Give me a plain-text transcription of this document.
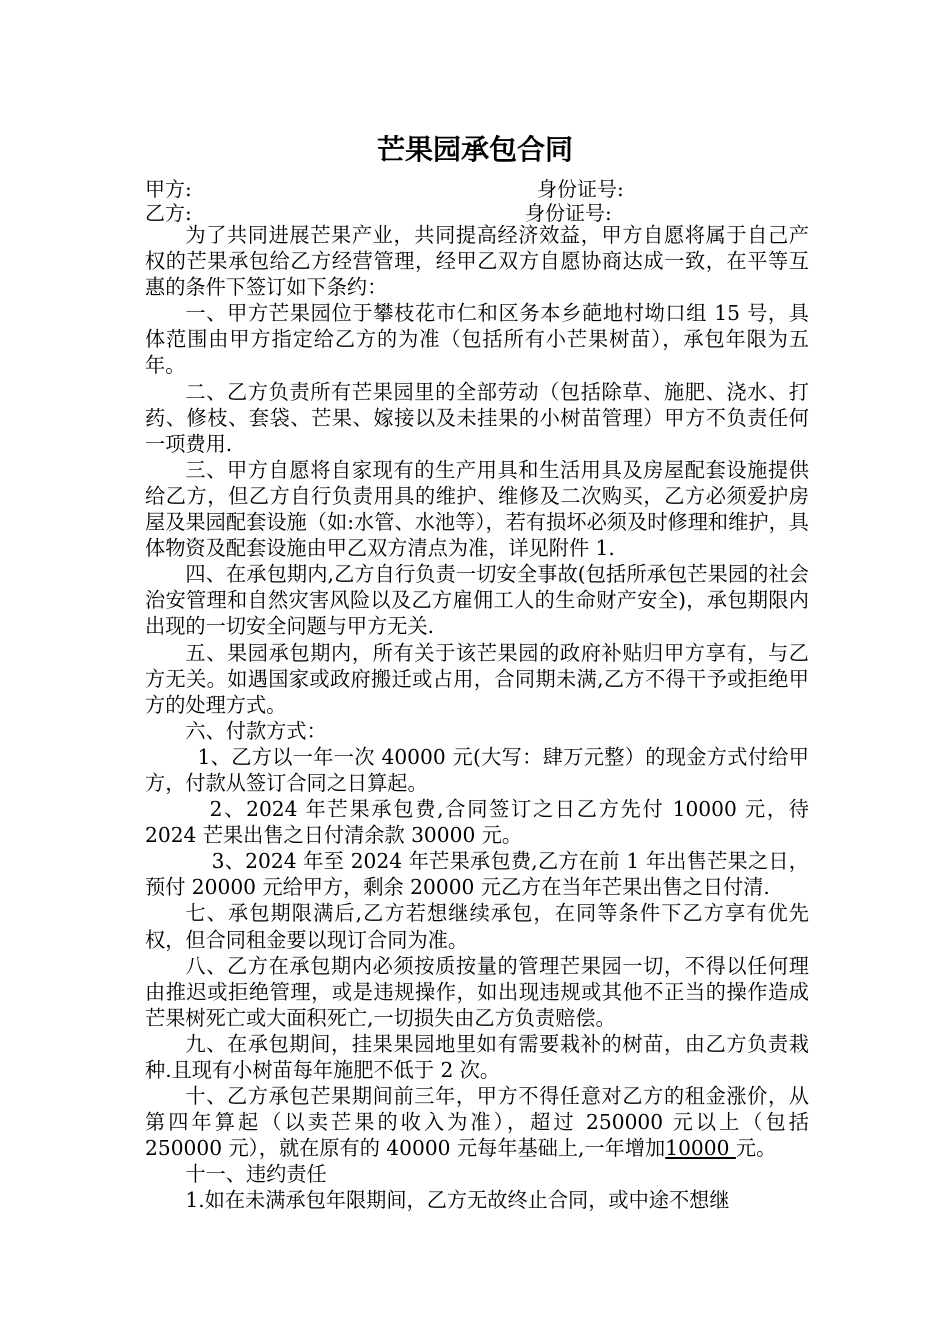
芒果园承包合同
甲方:	身份证号:
乙方:	身份证号:

为了共同进展芒果产业，共同提高经济效益，甲方自愿将属于自己产权的芒果承包给乙方经营管理，经甲乙双方自愿协商达成一致，在平等互惠的条件下签订如下条约：

一、甲方芒果园位于攀枝花市仁和区务本乡葩地村坳口组 15 号，具体范围由甲方指定给乙方的为准（包括所有小芒果树苗），承包年限为五年。

二、乙方负责所有芒果园里的全部劳动（包括除草、施肥、浇水、打药、修枝、套袋、芒果、嫁接以及未挂果的小树苗管理）甲方不负责任何一项费用.

三、甲方自愿将自家现有的生产用具和生活用具及房屋配套设施提供给乙方，但乙方自行负责用具的维护、维修及二次购买，乙方必须爱护房屋及果园配套设施（如:水管、水池等），若有损坏必须及时修理和维护，具体物资及配套设施由甲乙双方清点为准，详见附件 1.

四、在承包期内,乙方自行负责一切安全事故(包括所承包芒果园的社会治安管理和自然灾害风险以及乙方雇佣工人的生命财产安全)，承包期限内出现的一切安全问题与甲方无关.

五、果园承包期内，所有关于该芒果园的政府补贴归甲方享有，与乙方无关。如遇国家或政府搬迁或占用，合同期未满,乙方不得干予或拒绝甲方的处理方式。

六、付款方式：

1、乙方以一年一次 40000 元(大写：肆万元整）的现金方式付给甲方，付款从签订合同之日算起。

2、2024 年芒果承包费,合同签订之日乙方先付 10000 元，待 2024 芒果出售之日付清余款 30000 元。

3、2024 年至 2024 年芒果承包费,乙方在前 1 年出售芒果之日，预付 20000 元给甲方，剩余 20000 元乙方在当年芒果出售之日付清.

七、承包期限满后,乙方若想继续承包，在同等条件下乙方享有优先权，但合同租金要以现订合同为准。

八、乙方在承包期内必须按质按量的管理芒果园一切，不得以任何理由推迟或拒绝管理，或是违规操作，如出现违规或其他不正当的操作造成芒果树死亡或大面积死亡,一切损失由乙方负责赔偿。

九、在承包期间，挂果果园地里如有需要栽补的树苗，由乙方负责栽种.且现有小树苗每年施肥不低于 2 次。

十、乙方承包芒果期间前三年，甲方不得任意对乙方的租金涨价，从第四年算起（以卖芒果的收入为准），超过 250000 元以上（包括 250000 元），就在原有的 40000 元每年基础上,一年增加10000 元。

十一、违约责任

1.如在未满承包年限期间，乙方无故终止合同，或中途不想继
